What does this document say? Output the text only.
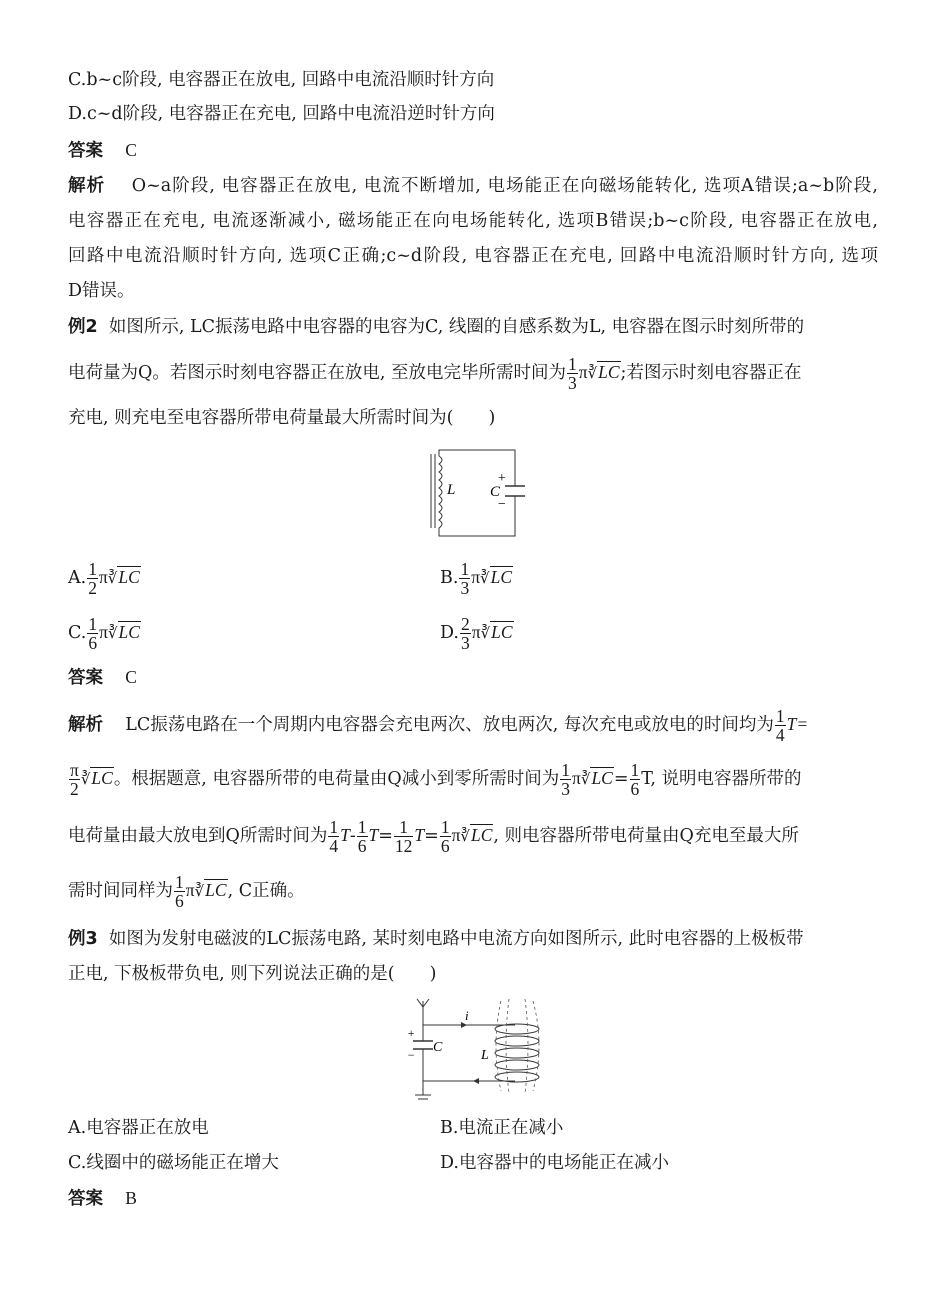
C.b~c阶段, 电容器正在放电, 回路中电流沿顺时针方向
D.c~d阶段, 电容器正在充电, 回路中电流沿逆时针方向
答案 C
解析 O~a阶段, 电容器正在放电, 电流不断增加, 电场能正在向磁场能转化, 选项A错误;a~b阶段,
电容器正在充电, 电流逐渐减小, 磁场能正在向电场能转化, 选项B错误;b~c阶段, 电容器正在放电,
回路中电流沿顺时针方向, 选项C正确;c~d阶段, 电容器正在充电, 回路中电流沿顺时针方向, 选项
D错误。
例2 如图所示, LC振荡电路中电容器的电容为C, 线圈的自感系数为L, 电容器在图示时刻所带的
电荷量为Q。若图示时刻电容器正在放电, 至放电完毕所需时间为 $\frac{1}{3}$ π∛LC;若图示时刻电容器正在
充电, 则充电至电容器所带电荷量最大所需时间为(　　)
L C
+
−
A. $\frac{1}{2}$ π∛LC	B. $\frac{1}{3}$ π∛LC
C. $\frac{1}{6}$ π∛LC	D. $\frac{2}{3}$ π∛LC
答案 C
解析 LC振荡电路在一个周期内电容器会充电两次、放电两次, 每次充电或放电的时间均为 $\frac{1}{4} T=$
$\frac{\pi}{2}$ ∛LC。根据题意, 电容器所带的电荷量由Q减小到零所需时间为 $\frac{1}{3}$ π∛LC= $\frac{1}{6} T$, 说明电容器所带的
电荷量由最大放电到Q所需时间为 $\frac{1}{4} T- \frac{1}{6} T= \frac{1}{12} T= \frac{1}{6}$ π∛LC, 则电容器所带电荷量由Q充电至最大所
需时间同样为 $\frac{1}{6}$ π∛LC, C正确。
例3 如图为发射电磁波的LC振荡电路, 某时刻电路中电流方向如图所示, 此时电容器的上极板带
正电, 下极板带负电, 则下列说法正确的是(　　)
i
C
L
+
−
A.电容器正在放电	B.电流正在减小
C.线圈中的磁场能正在增大	D.电容器中的电场能正在减小
答案 B
